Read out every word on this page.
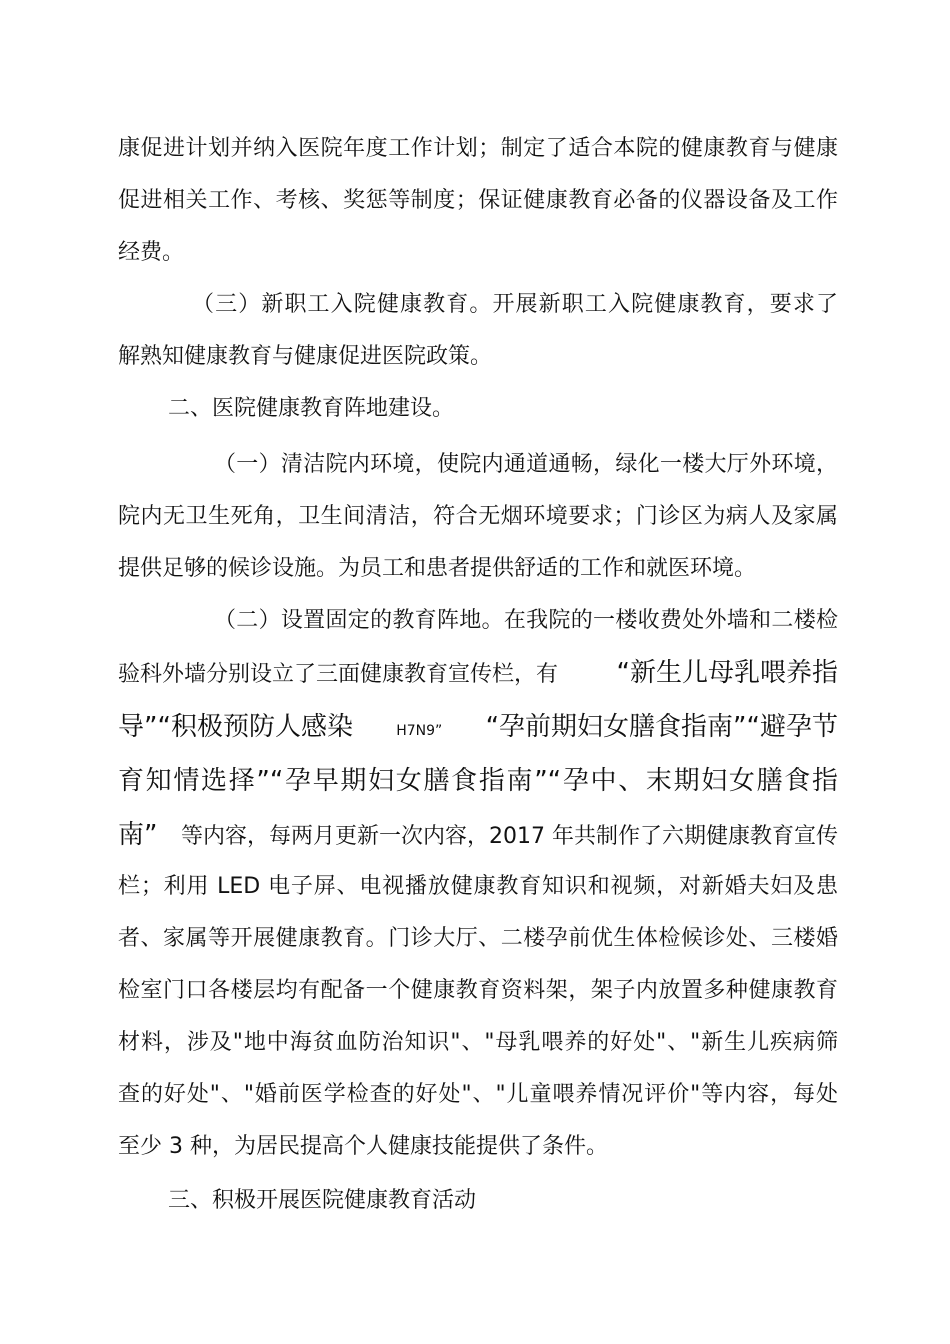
康促进计划并纳入医院年度工作计划；制定了适合本院的健康教育与健康
促进相关工作、考核、奖惩等制度；保证健康教育必备的仪器设备及工作
经费。
（三）新职工入院健康教育。开展新职工入院健康教育，要求了
解熟知健康教育与健康促进医院政策。
二、医院健康教育阵地建设。
（一）清洁院内环境，使院内通道通畅，绿化一楼大厅外环境，
院内无卫生死角，卫生间清洁，符合无烟环境要求；门诊区为病人及家属
提供足够的候诊设施。为员工和患者提供舒适的工作和就医环境。
（二）设置固定的教育阵地。在我院的一楼收费处外墙和二楼检
验科外墙分别设立了三面健康教育宣传栏，有 “新生儿母乳喂养指
导”“积极预防人感染	H7N9” “孕前期妇女膳食指南”“避孕节
育知情选择”“孕早期妇女膳食指南”“孕中、末期妇女膳食指
南” 等内容，每两月更新一次内容，2017 年共制作了六期健康教育宣传
栏；利用 LED 电子屏、电视播放健康教育知识和视频，对新婚夫妇及患
者、家属等开展健康教育。门诊大厅、二楼孕前优生体检候诊处、三楼婚
检室门口各楼层均有配备一个健康教育资料架，架子内放置多种健康教育
材料，涉及"地中海贫血防治知识"、"母乳喂养的好处"、"新生儿疾病筛
查的好处"、"婚前医学检查的好处"、"儿童喂养情况评价"等内容，每处
至少 3 种，为居民提高个人健康技能提供了条件。
三、积极开展医院健康教育活动
